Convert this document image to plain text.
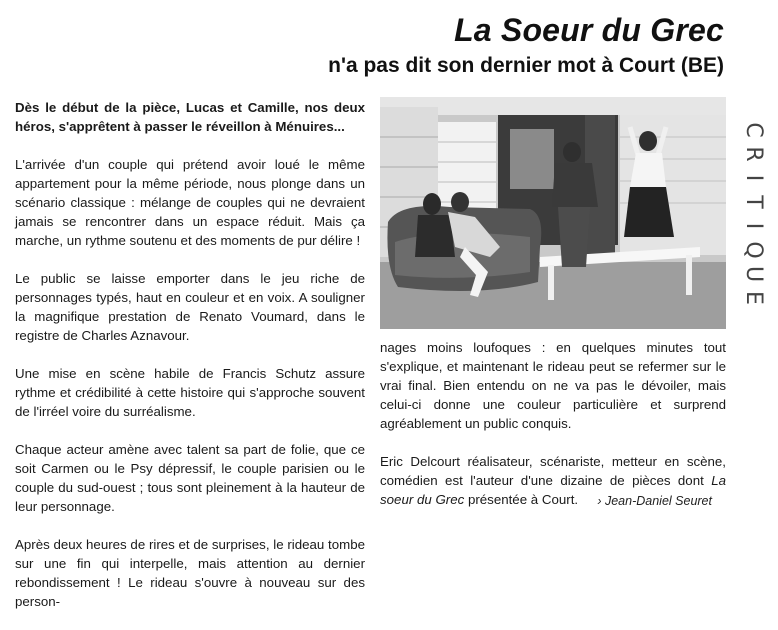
La Soeur du Grec
n'a pas dit son dernier mot à Court (BE)

Dès le début de la pièce, Lucas et Camille, nos deux héros, s'apprêtent à passer le réveillon à Ménuires...

L'arrivée d'un couple qui prétend avoir loué le même appartement pour la même période, nous plonge dans un scénario classique : mélange de couples qui ne devraient jamais se rencontrer dans un espace réduit. Mais ça marche, un rythme soutenu et des moments de pur délire !

Le public se laisse emporter dans le jeu riche de personnages typés, haut en couleur et en voix. A souligner la magnifique prestation de Renato Voumard, dans le registre de Charles Aznavour.

Une mise en scène habile de Francis Schutz assure rythme et crédibilité à cette histoire qui s'approche souvent de l'irréel voire du surréalisme.

Chaque acteur amène avec talent sa part de folie, que ce soit Carmen ou le Psy dépressif, le couple parisien ou le couple du sud-ouest ; tous sont pleinement à la hauteur de leur personnage.

Après deux heures de rires et de surprises, le rideau tombe sur une fin qui interpelle, mais attention au dernier rebondissement ! Le rideau s'ouvre à nouveau sur des person-

nages moins loufoques : en quelques minutes tout s'explique, et maintenant le rideau peut se refermer sur le vrai final. Bien entendu on ne va pas le dévoiler, mais celui-ci donne une couleur particulière et surprend agréablement un public conquis.

Eric Delcourt réalisateur, scénariste, metteur en scène, comédien est l'auteur d'une dizaine de pièces dont La soeur du Grec présentée à Court.	› Jean-Daniel Seuret
C
R
I
T
I
Q
U
E
